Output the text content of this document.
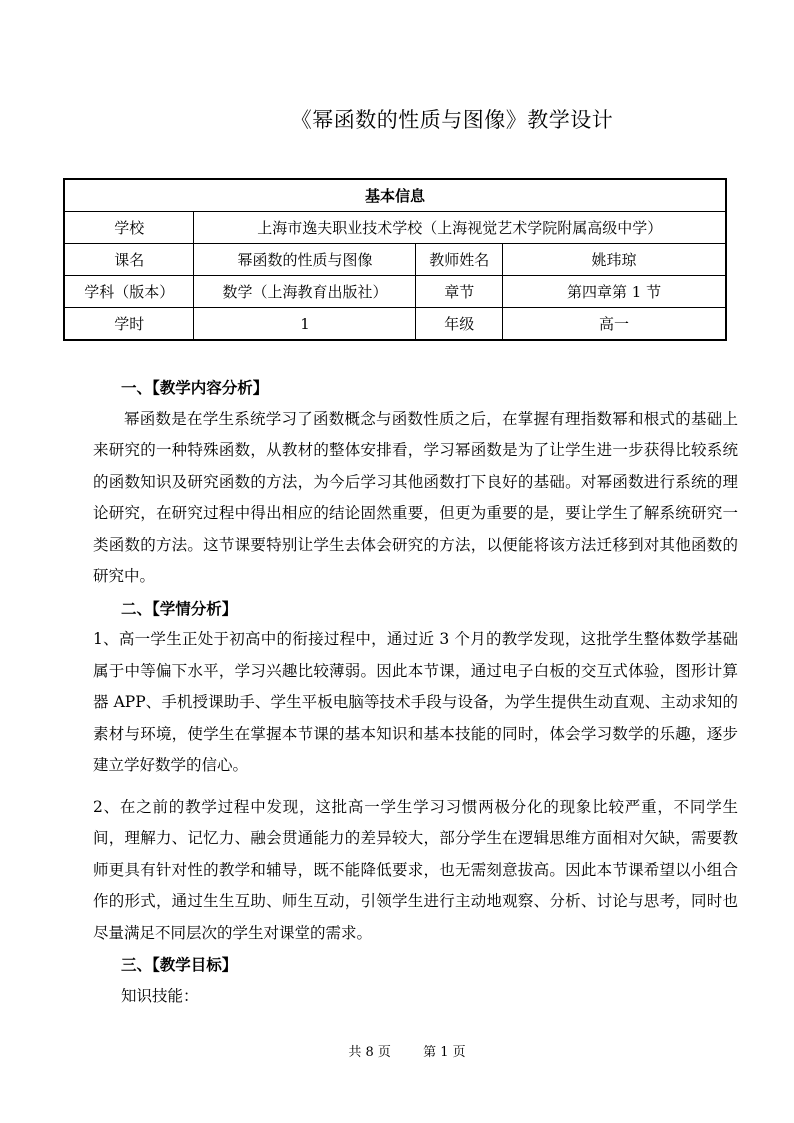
《幂函数的性质与图像》教学设计
基本信息			
学校	上海市逸夫职业技术学校（上海视觉艺术学院附属高级中学）		
课名	幂函数的性质与图像	教师姓名	姚玮琼
学科（版本）	数学（上海教育出版社）	章节	第四章第 1 节
学时	1	年级	高一

一、【教学内容分析】

幂函数是在学生系统学习了函数概念与函数性质之后，在掌握有理指数幂和根式的基础上来研究的一种特殊函数，从教材的整体安排看，学习幂函数是为了让学生进一步获得比较系统的函数知识及研究函数的方法，为今后学习其他函数打下良好的基础。对幂函数进行系统的理论研究，在研究过程中得出相应的结论固然重要，但更为重要的是，要让学生了解系统研究一类函数的方法。这节课要特别让学生去体会研究的方法，以便能将该方法迁移到对其他函数的研究中。

二、【学情分析】

1、高一学生正处于初高中的衔接过程中，通过近 3 个月的教学发现，这批学生整体数学基础属于中等偏下水平，学习兴趣比较薄弱。因此本节课，通过电子白板的交互式体验，图形计算器 APP、手机授课助手、学生平板电脑等技术手段与设备，为学生提供生动直观、主动求知的素材与环境，使学生在掌握本节课的基本知识和基本技能的同时，体会学习数学的乐趣，逐步建立学好数学的信心。

2、在之前的教学过程中发现，这批高一学生学习习惯两极分化的现象比较严重，不同学生间，理解力、记忆力、融会贯通能力的差异较大，部分学生在逻辑思维方面相对欠缺，需要教师更具有针对性的教学和辅导，既不能降低要求，也无需刻意拔高。因此本节课希望以小组合作的形式，通过生生互助、师生互动，引领学生进行主动地观察、分析、讨论与思考，同时也尽量满足不同层次的学生对课堂的需求。

三、【教学目标】

知识技能：

共 8 页 第 1 页
